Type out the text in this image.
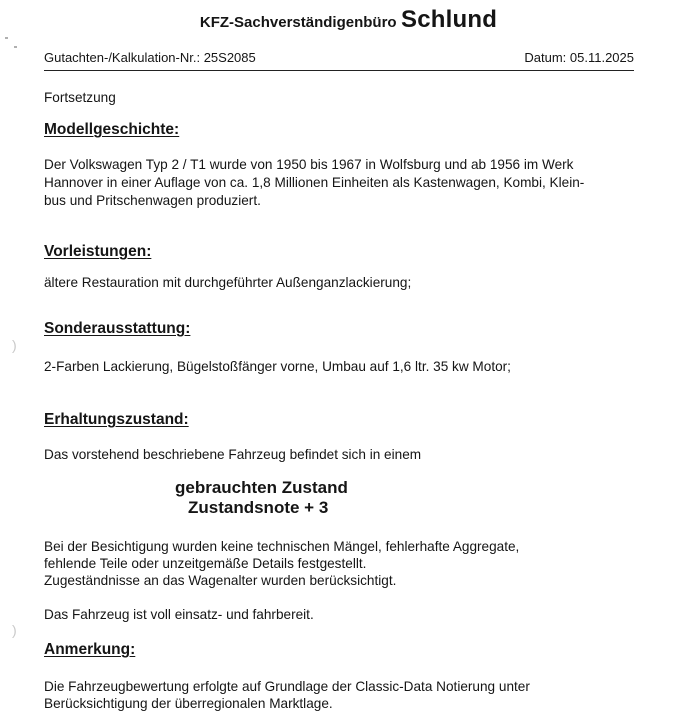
)
)
KFZ-Sachverständigenbüro Schlund
Gutachten-/Kalkulation-Nr.: 25S2085	Datum: 05.11.2025
Fortsetzung
Modellgeschichte:
Der Volkswagen Typ 2 / T1 wurde von 1950 bis 1967 in Wolfsburg und ab 1956 im Werk
Hannover in einer Auflage von ca. 1,8 Millionen Einheiten als Kastenwagen, Kombi, Klein-
bus und Pritschenwagen produziert.
Vorleistungen:
ältere Restauration mit durchgeführter Außenganzlackierung;
Sonderausstattung:
2-Farben Lackierung, Bügelstoßfänger vorne, Umbau auf 1,6 ltr. 35 kw Motor;
Erhaltungszustand:
Das vorstehend beschriebene Fahrzeug befindet sich in einem
gebrauchten Zustand
Zustandsnote + 3
Bei der Besichtigung wurden keine technischen Mängel, fehlerhafte Aggregate,
fehlende Teile oder unzeitgemäße Details festgestellt.
Zugeständnisse an das Wagenalter wurden berücksichtigt.
Das Fahrzeug ist voll einsatz- und fahrbereit.
Anmerkung:
Die Fahrzeugbewertung erfolgte auf Grundlage der Classic-Data Notierung unter
Berücksichtigung der überregionalen Marktlage.
